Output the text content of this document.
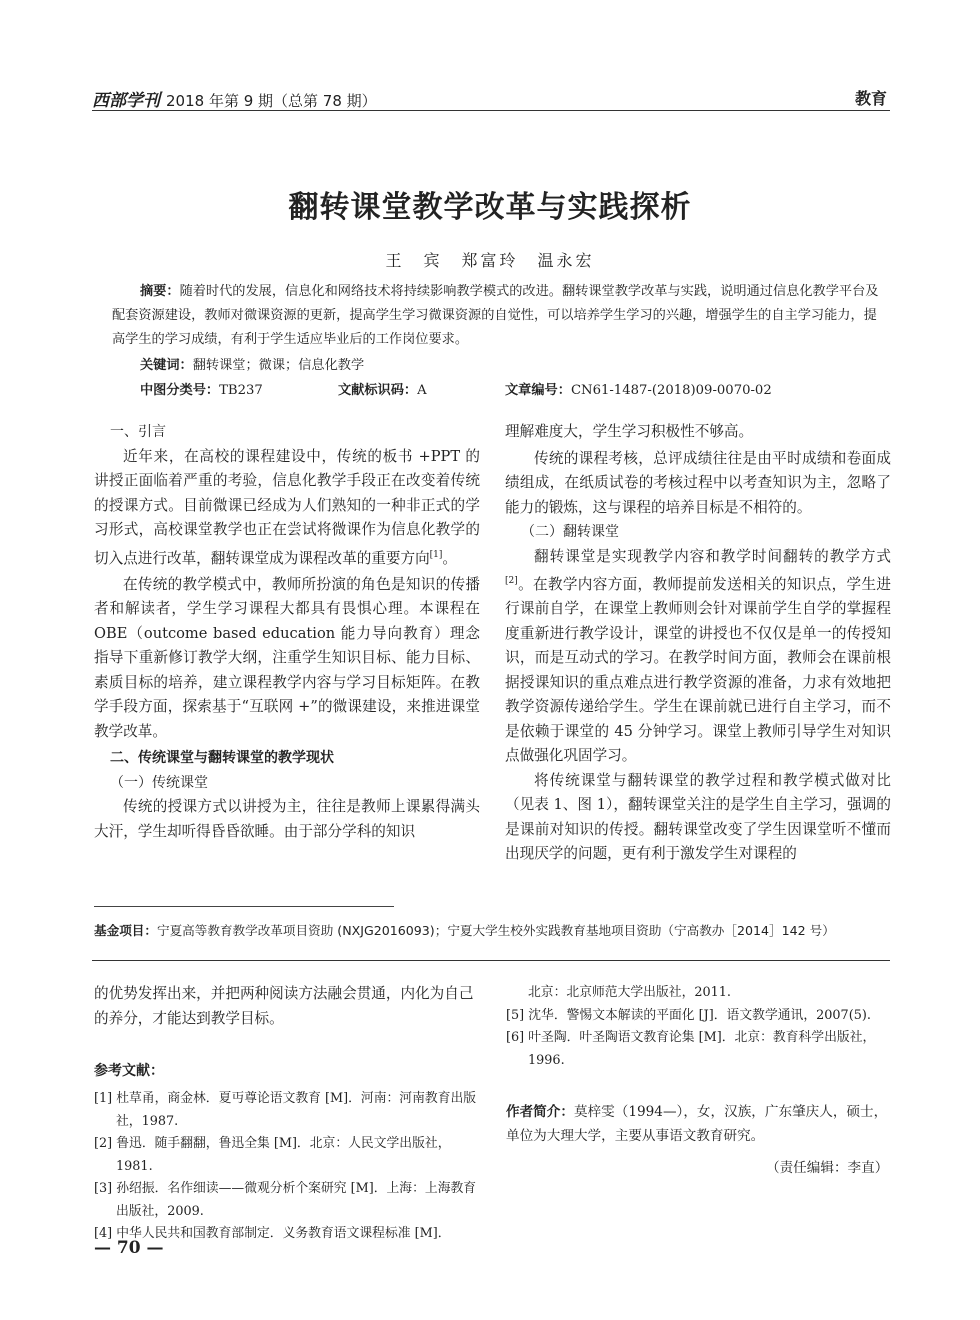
西部学刊 2018 年第 9 期（总第 78 期）	教育
翻转课堂教学改革与实践探析
王　宾　郑富玲　温永宏
摘要：随着时代的发展，信息化和网络技术将持续影响教学模式的改进。翻转课堂教学改革与实践，说明通过信息化教学平台及配套资源建设，教师对微课资源的更新，提高学生学习微课资源的自觉性，可以培养学生学习的兴趣，增强学生的自主学习能力，提高学生的学习成绩，有利于学生适应毕业后的工作岗位要求。
关键词：翻转课堂；微课；信息化教学
中图分类号：TB237	文献标识码：A	文章编号：CN61-1487-(2018)09-0070-02

一、引言

近年来，在高校的课程建设中，传统的板书 +PPT 的讲授正面临着严重的考验，信息化教学手段正在改变着传统的授课方式。目前微课已经成为人们熟知的一种非正式的学习形式，高校课堂教学也正在尝试将微课作为信息化教学的切入点进行改革，翻转课堂成为课程改革的重要方向[1]。

在传统的教学模式中，教师所扮演的角色是知识的传播者和解读者，学生学习课程大都具有畏惧心理。本课程在 OBE（outcome based education 能力导向教育）理念指导下重新修订教学大纲，注重学生知识目标、能力目标、素质目标的培养，建立课程教学内容与学习目标矩阵。在教学手段方面，探索基于“互联网 +”的微课建设，来推进课堂教学改革。

二、传统课堂与翻转课堂的教学现状

（一）传统课堂

传统的授课方式以讲授为主，往往是教师上课累得满头大汗，学生却听得昏昏欲睡。由于部分学科的知识

理解难度大，学生学习积极性不够高。

传统的课程考核，总评成绩往往是由平时成绩和卷面成绩组成，在纸质试卷的考核过程中以考查知识为主，忽略了能力的锻炼，这与课程的培养目标是不相符的。

（二）翻转课堂

翻转课堂是实现教学内容和教学时间翻转的教学方式[2]。在教学内容方面，教师提前发送相关的知识点，学生进行课前自学，在课堂上教师则会针对课前学生自学的掌握程度重新进行教学设计，课堂的讲授也不仅仅是单一的传授知识，而是互动式的学习。在教学时间方面，教师会在课前根据授课知识的重点难点进行教学资源的准备，力求有效地把教学资源传递给学生。学生在课前就已进行自主学习，而不是依赖于课堂的 45 分钟学习。课堂上教师引导学生对知识点做强化巩固学习。

将传统课堂与翻转课堂的教学过程和教学模式做对比（见表 1、图 1），翻转课堂关注的是学生自主学习，强调的是课前对知识的传授。翻转课堂改变了学生因课堂听不懂而出现厌学的问题，更有利于激发学生对课程的

基金项目：宁夏高等教育教学改革项目资助 (NXJG2016093)；宁夏大学生校外实践教育基地项目资助（宁高教办［2014］142 号）

的优势发挥出来，并把两种阅读方法融会贯通，内化为自己的养分，才能达到教学目标。

参考文献：
[1] 杜草甬，商金林．夏丏尊论语文教育 [M]．河南：河南教育出版社，1987.
[2] 鲁迅．随手翻翻，鲁迅全集 [M]．北京：人民文学出版社，1981.
[3] 孙绍振．名作细读——微观分析个案研究 [M]．上海：上海教育出版社，2009.
[4] 中华人民共和国教育部制定．义务教育语文课程标准 [M]．
北京：北京师范大学出版社，2011.
[5] 沈华．警惕文本解读的平面化 [J]．语文教学通讯，2007(5).
[6] 叶圣陶．叶圣陶语文教育论集 [M]．北京：教育科学出版社，1996.
作者简介：莫梓雯（1994—），女，汉族，广东肇庆人，硕士，单位为大理大学，主要从事语文教育研究。
（责任编辑：李直）
— 70 —
